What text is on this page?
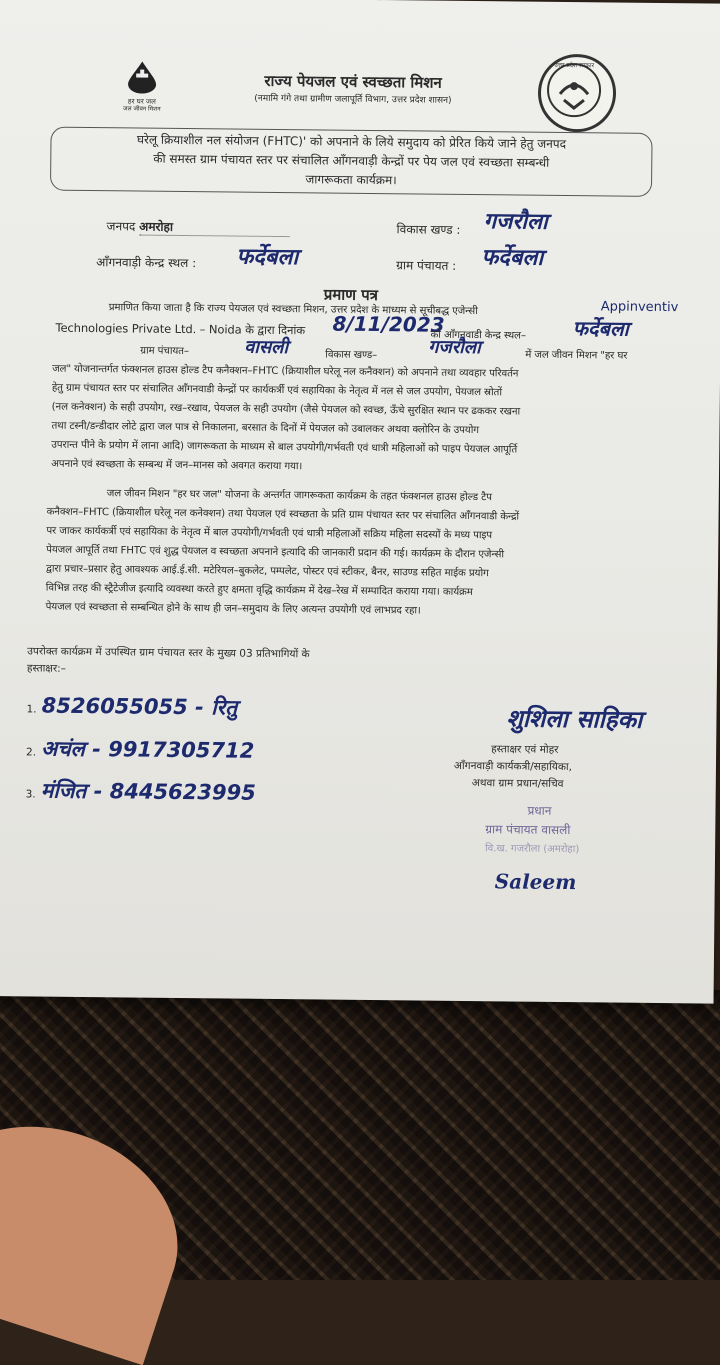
हर घर जल
जल जीवन मिशन
राज्य पेयजल एवं स्वच्छता मिशन
(नमामि गंगे तथा ग्रामीण जलापूर्ति विभाग, उत्तर प्रदेश शासन)
उत्तर प्रदेश सरकार
घरेलू क्रियाशील नल संयोजन (FHTC)' को अपनाने के लिये समुदाय को प्रेरित किये जाने हेतु जनपद
की समस्त ग्राम पंचायत स्तर पर संचालित आँगनवाड़ी केन्द्रों पर पेय जल एवं स्वच्छता सम्बन्धी
जागरूकता कार्यक्रम।
जनपद अमरोहा	विकास खण्ड : गजरौला
आँगनवाड़ी केन्द्र स्थल : फर्देबला	ग्राम पंचायत : फर्देबला
प्रमाण पत्र
प्रमाणित किया जाता है कि राज्य पेयजल एवं स्वच्छता मिशन, उत्तर प्रदेश के माध्यम से सूचीबद्ध एजेन्सी	Appinventiv
Technologies Private Ltd. – Noida के द्वारा दिनांक 8/11/2023
को आँगनवाडी केन्द्र स्थल– फर्देबला
ग्राम पंचायत–	वासली	विकास खण्ड–	गजरौला	में जल जीवन मिशन "हर घर
जल" योजनान्तर्गत फंक्शनल हाउस होल्ड टैप कनैक्शन–FHTC (क्रियाशील घरेलू नल कनैक्शन) को अपनाने तथा व्यवहार परिवर्तन
हेतु ग्राम पंचायत स्तर पर संचालित आँगनवाडी केन्द्रों पर कार्यकर्त्री एवं सहायिका के नेतृत्व में नल से जल उपयोग, पेयजल स्रोतों
(नल कनेक्शन) के सही उपयोग, रख–रखाव, पेयजल के सही उपयोग (जैसे पेयजल को स्वच्छ, ऊँचे सुरक्षित स्थान पर ढककर रखना
तथा टस्नी/डन्डीदार लोटे द्वारा जल पात्र से निकालना, बरसात के दिनों में पेयजल को उबालकर अथवा क्लोरिन के उपयोग
उपरान्त पीने के प्रयोग में लाना आदि) जागरूकता के माध्यम से बाल उपयोगी/गर्भवती एवं धात्री महिलाओं को पाइप पेयजल आपूर्ति
अपनाने एवं स्वच्छता के सम्बन्ध में जन–मानस को अवगत कराया गया।
जल जीवन मिशन "हर घर जल" योजना के अन्तर्गत जागरूकता कार्यक्रम के तहत फंक्शनल हाउस होल्ड टैप
कनैक्शन–FHTC (क्रियाशील घरेलू नल कनेक्शन) तथा पेयजल एवं स्वच्छता के प्रति ग्राम पंचायत स्तर पर संचालित आँगनवाडी केन्द्रों
पर जाकर कार्यकर्त्री एवं सहायिका के नेतृत्व में बाल उपयोगी/गर्भवती एवं धात्री महिलाओं सक्रिय महिला सदस्यों के मध्य पाइप
पेयजल आपूर्ति तथा FHTC एवं शुद्ध पेयजल व स्वच्छता अपनाने इत्यादि की जानकारी प्रदान की गई। कार्यक्रम के दौरान एजेन्सी
द्वारा प्रचार–प्रसार हेतु आवश्यक आई.ई.सी. मटेरियल–बुकलेट, पम्पलेट, पोस्टर एवं स्टीकर, बैनर, साउण्ड सहित माईक प्रयोग
विभिन्न तरह की स्ट्रैटेजीज इत्यादि व्यवस्था करते हुए क्षमता वृद्धि कार्यक्रम में देख–रेख में सम्पादित कराया गया। कार्यक्रम
पेयजल एवं स्वच्छता से सम्बन्धित होने के साथ ही जन–समुदाय के लिए अत्यन्त उपयोगी एवं लाभप्रद रहा।
उपरोक्त कार्यक्रम में उपस्थित ग्राम पंचायत स्तर के मुख्य 03 प्रतिभागियों के
हस्ताक्षर:–
1. 8526055055 - रितु
2. अचंल - 9917305712
3. मंजित - 8445623995
शुशिला साहिका
हस्ताक्षर एवं मोहर
आँगनवाड़ी कार्यकत्री/सहायिका,
अथवा ग्राम प्रधान/सचिव
प्रधान
ग्राम पंचायत वासली
वि.ख. गजरौला (अमरोहा)
Saleem
